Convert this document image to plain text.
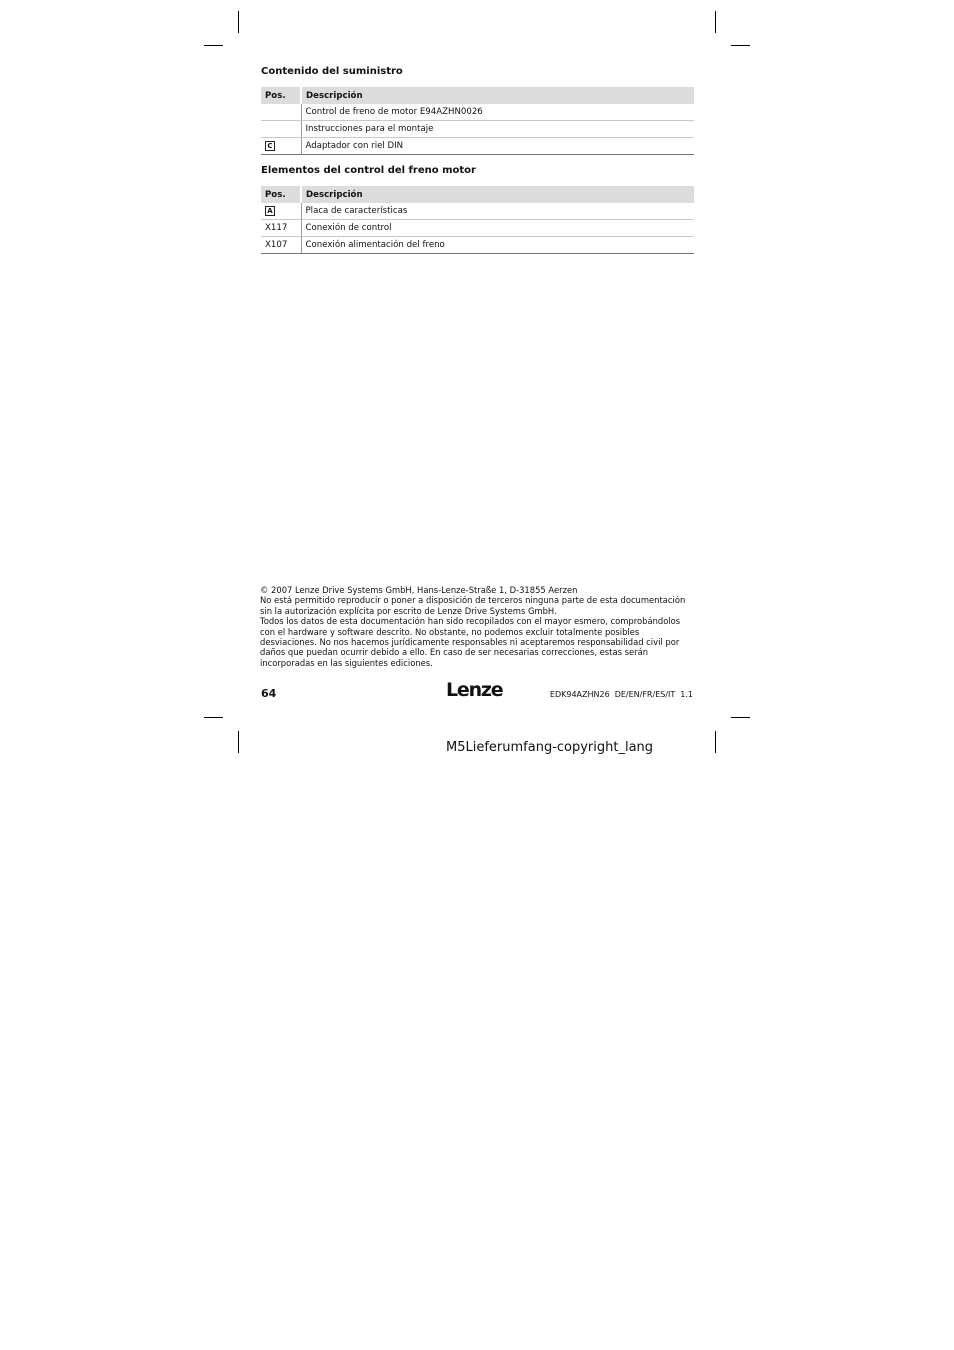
Contenido del suministro
Pos.	Descripción
	Control de freno de motor E94AZHN0026
	Instrucciones para el montaje
C	Adaptador con riel DIN
Elementos del control del freno motor
Pos.	Descripción
A	Placa de características
X117	Conexión de control
X107	Conexión alimentación del freno

© 2007 Lenze Drive Systems GmbH, Hans-Lenze-Straße 1, D-31855 Aerzen

No está permitido reproducir o poner a disposición de terceros ninguna parte de esta documentación sin la autorización explícita por escrito de Lenze Drive Systems GmbH.

Todos los datos de esta documentación han sido recopilados con el mayor esmero, comprobándolos con el hardware y software descrito. No obstante, no podemos excluir totalmente posibles desviaciones. No nos hacemos jurídicamente responsables ni aceptaremos responsabilidad civil por daños que puedan ocurrir debido a ello. En caso de ser necesarias correcciones, estas serán incorporadas en las siguientes ediciones.

64	Lenze	EDK94AZHN26 DE/EN/FR/ES/IT 1.1
M5Lieferumfang-copyright_lang
